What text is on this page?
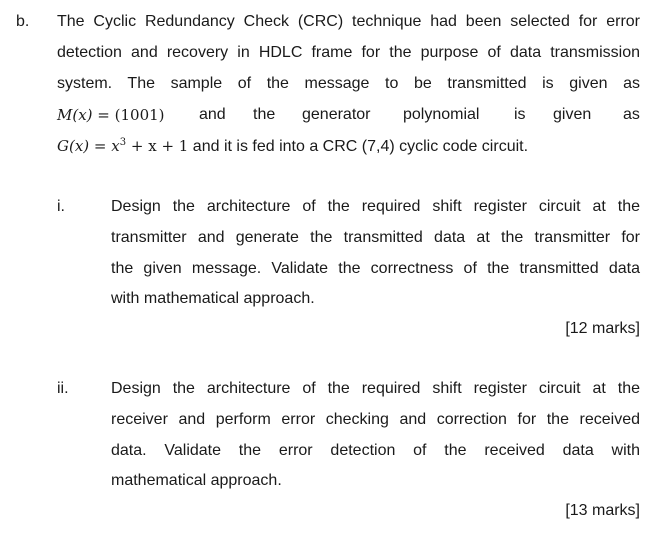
b. The Cyclic Redundancy Check (CRC) technique had been selected for error
detection and recovery in HDLC frame for the purpose of data transmission
system. The sample of the message to be transmitted is given as
M(x) = (1001) and the generator polynomial is given as
$G(x) = x^3 + x + 1$ and it is fed into a CRC (7,4) cyclic code circuit.
i.	Design the architecture of the required shift register circuit at the
transmitter and generate the transmitted data at the transmitter for
the given message. Validate the correctness of the transmitted data
with mathematical approach.
[12 marks]
ii.	Design the architecture of the required shift register circuit at the
receiver and perform error checking and correction for the received
data. Validate the error detection of the received data with
mathematical approach.
[13 marks]
